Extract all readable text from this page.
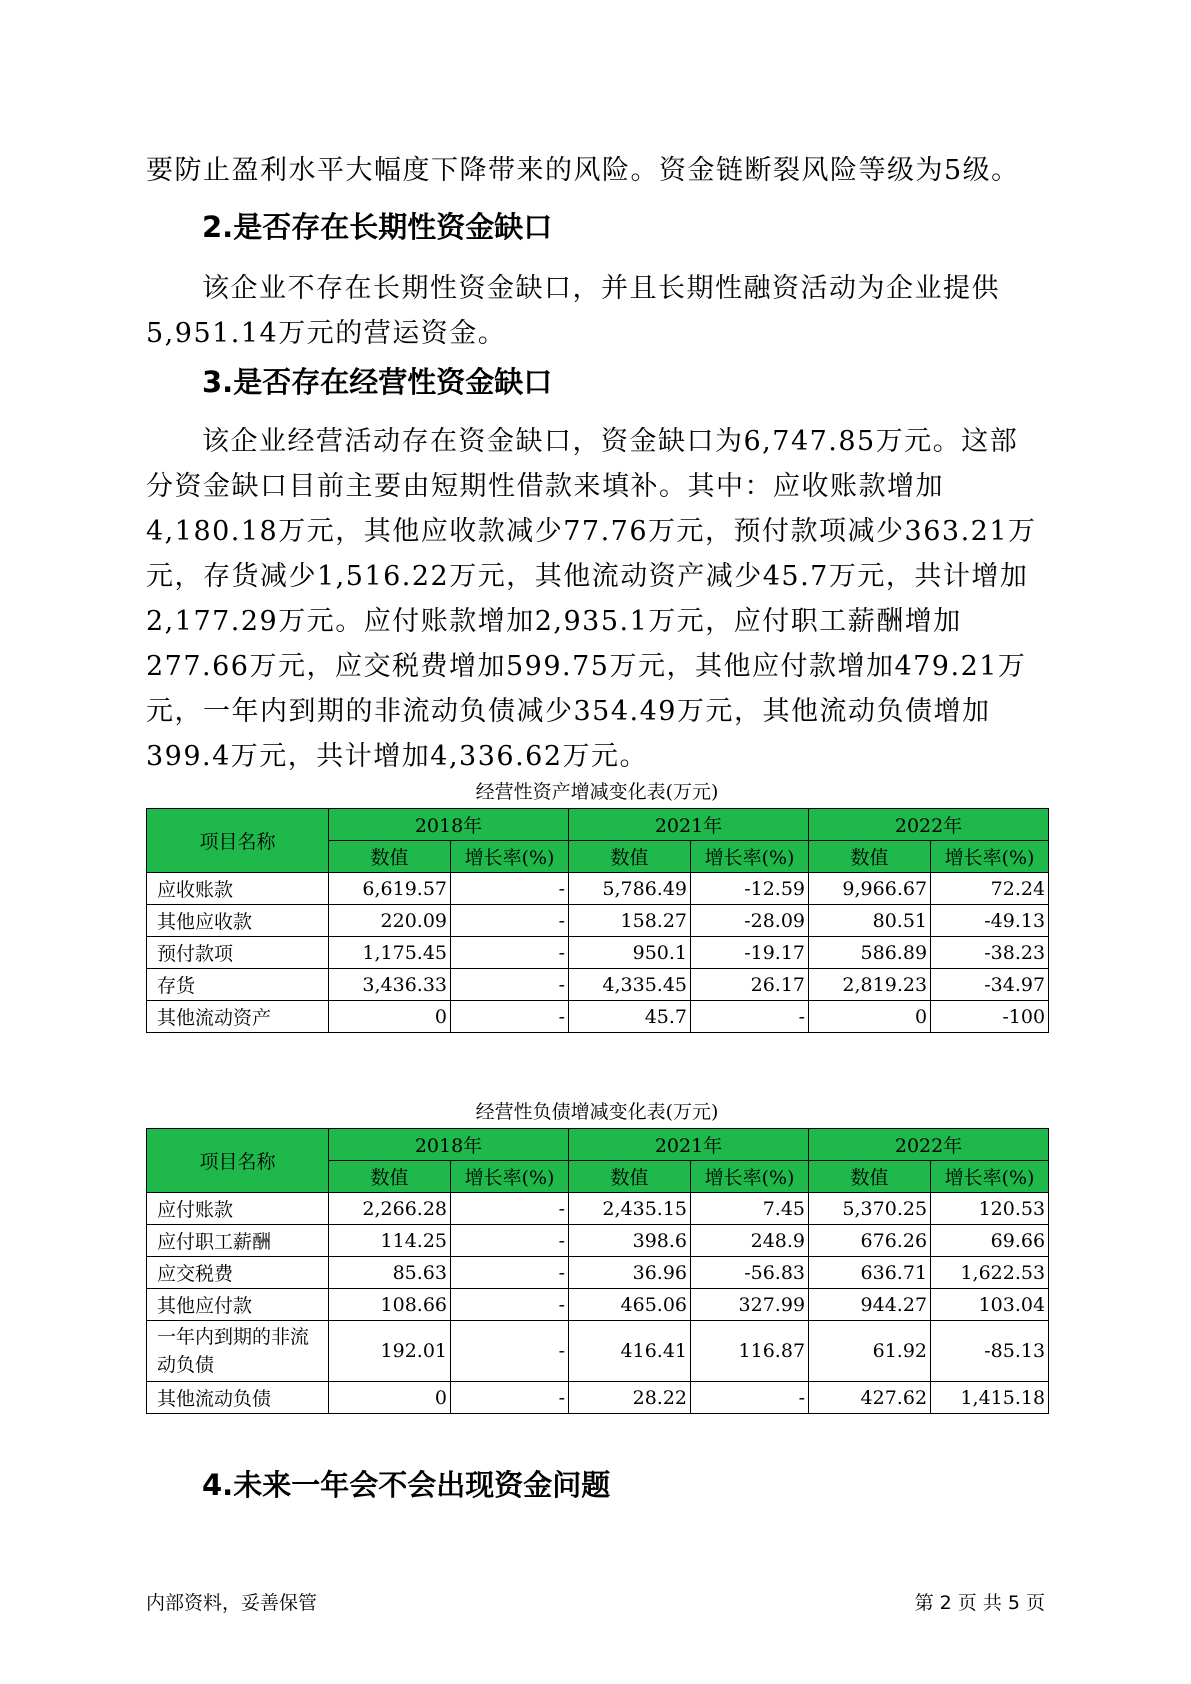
要防止盈利水平大幅度下降带来的风险。资金链断裂风险等级为5级。
2.是否存在长期性资金缺口
该企业不存在长期性资金缺口，并且长期性融资活动为企业提供5,951.14万元的营运资金。
3.是否存在经营性资金缺口
该企业经营活动存在资金缺口，资金缺口为6,747.85万元。这部分资金缺口目前主要由短期性借款来填补。其中：应收账款增加4,180.18万元，其他应收款减少77.76万元，预付款项减少363.21万元，存货减少1,516.22万元，其他流动资产减少45.7万元，共计增加2,177.29万元。应付账款增加2,935.1万元，应付职工薪酬增加277.66万元，应交税费增加599.75万元，其他应付款增加479.21万元，一年内到期的非流动负债减少354.49万元，其他流动负债增加399.4万元，共计增加4,336.62万元。
经营性资产增减变化表(万元)
项目名称	2018年		2021年		2022年	
	数值	增长率(%)	数值	增长率(%)	数值	增长率(%)
应收账款	6,619.57	-	5,786.49	-12.59	9,966.67	72.24
其他应收款	220.09	-	158.27	-28.09	80.51	-49.13
预付款项	1,175.45	-	950.1	-19.17	586.89	-38.23
存货	3,436.33	-	4,335.45	26.17	2,819.23	-34.97
其他流动资产	0	-	45.7	-	0	-100
经营性负债增减变化表(万元)
项目名称	2018年		2021年		2022年	
	数值	增长率(%)	数值	增长率(%)	数值	增长率(%)
应付账款	2,266.28	-	2,435.15	7.45	5,370.25	120.53
应付职工薪酬	114.25	-	398.6	248.9	676.26	69.66
应交税费	85.63	-	36.96	-56.83	636.71	1,622.53
其他应付款	108.66	-	465.06	327.99	944.27	103.04
一年内到期的非流动负债	192.01	-	416.41	116.87	61.92	-85.13
其他流动负债	0	-	28.22	-	427.62	1,415.18
4.未来一年会不会出现资金问题
内部资料，妥善保管	第 2 页 共 5 页
